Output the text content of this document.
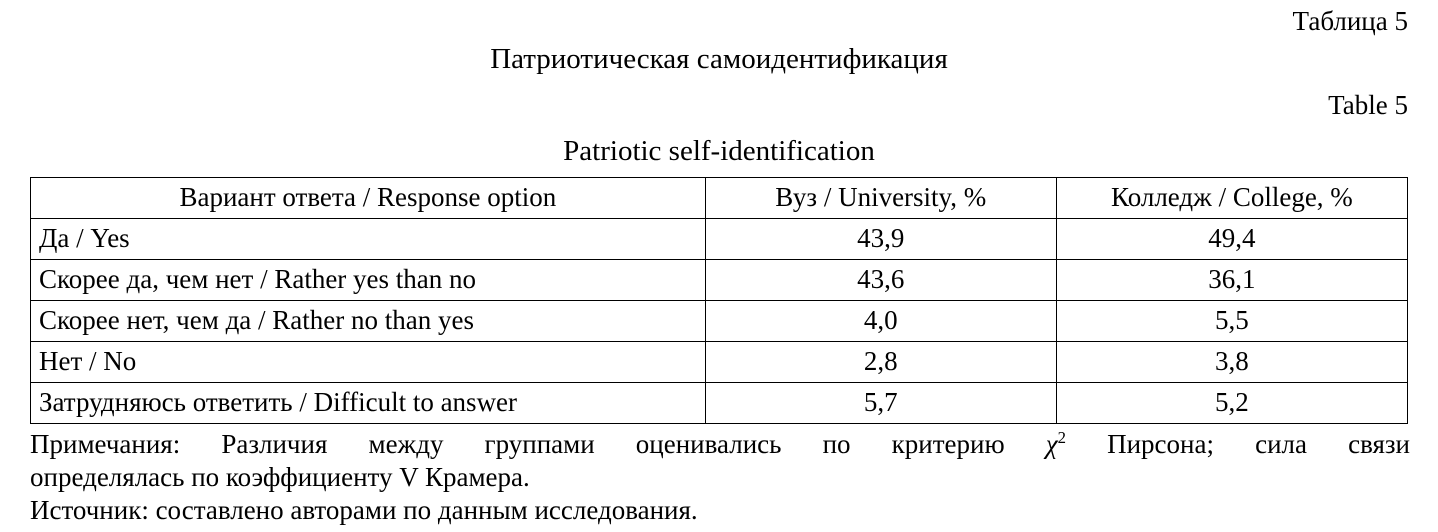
Таблица 5
Патриотическая самоидентификация
Table 5
Patriotic self-identification
Вариант ответа / Response option	Вуз / University, %	Колледж / College, %
Да / Yes	43,9	49,4
Скорее да, чем нет / Rather yes than no	43,6	36,1
Скорее нет, чем да / Rather no than yes	4,0	5,5
Нет / No	2,8	3,8
Затрудняюсь ответить / Difficult to answer	5,7	5,2

Примечания: Различия между группами оценивались по критерию $\chi^2$ Пирсона; сила связи

определялась по коэффициенту V Крамера.

Источник: составлено авторами по данным исследования.
